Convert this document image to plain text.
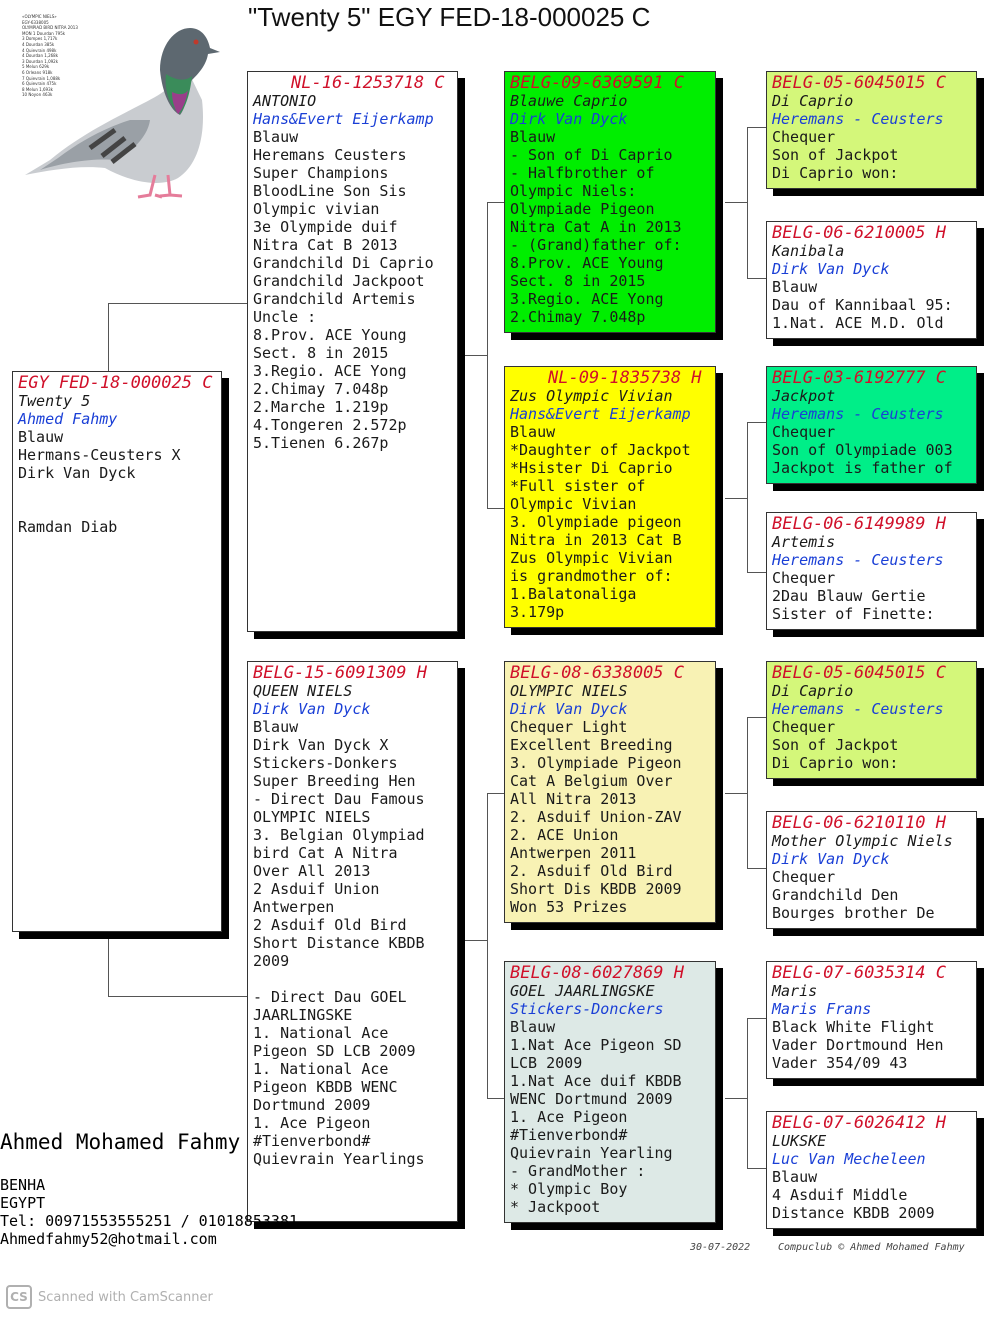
"Twenty 5" EGY FED-18-000025 C
«OLYMPIC NIELS»
EGY-6338005
OLYMPIAD BIRD NITRA 2013
MON 1 Dourdan 795k
3 Dompes 1,717k
4 Dourdan 385k
4 Quievrain 498k
4 Dourdan 1,268k
3 Dourdan 1,092k
5 Melun 629k
6 Orleans 918k
7 Quievrain 1,088k
6 Quievrain 475k
8 Melun 1,693k
10 Noyon 463k
EGY FED-18-000025 C
Twenty 5
Ahmed Fahmy
Blauw
Hermans-Ceusters X
Dirk Van Dyck
Ramdan Diab
NL-16-1253718 C
ANTONIO
Hans&Evert Eijerkamp
Blauw
Heremans Ceusters
Super Champions
BloodLine Son Sis
Olympic vivian
3e Olympide duif
Nitra Cat B 2013
Grandchild Di Caprio
Grandchild Jackpoot
Grandchild Artemis
Uncle :
8.Prov. ACE Young
Sect. 8 in 2015
3.Regio. ACE Yong
2.Chimay 7.048p
2.Marche 1.219p
4.Tongeren 2.572p
5.Tienen 6.267p
BELG-15-6091309 H
QUEEN NIELS
Dirk Van Dyck
Blauw
Dirk Van Dyck X
Stickers-Donkers
Super Breeding Hen
- Direct Dau Famous
OLYMPIC NIELS
3. Belgian Olympiad
bird Cat A Nitra
Over All 2013
2 Asduif Union
Antwerpen
2 Asduif Old Bird
Short Distance KBDB
2009
- Direct Dau GOEL
JAARLINGSKE
1. National Ace
Pigeon SD LCB 2009
1. National Ace
Pigeon KBDB WENC
Dortmund 2009
1. Ace Pigeon
#Tienverbond#
Quievrain Yearlings
BELG-09-6369591 C
Blauwe Caprio
Dirk Van Dyck
Blauw
- Son of Di Caprio
- Halfbrother of
Olympic Niels:
Olympiade Pigeon
Nitra Cat A in 2013
- (Grand)father of:
8.Prov. ACE Young
Sect. 8 in 2015
3.Regio. ACE Yong
2.Chimay 7.048p
NL-09-1835738 H
Zus Olympic Vivian
Hans&Evert Eijerkamp
Blauw
*Daughter of Jackpot
*Hsister Di Caprio
*Full sister of
Olympic Vivian
3. Olympiade pigeon
Nitra in 2013 Cat B
Zus Olympic Vivian
is grandmother of:
1.Balatonaliga
3.179p
BELG-08-6338005 C
OLYMPIC NIELS
Dirk Van Dyck
Chequer Light
Excellent Breeding
3. Olympiade Pigeon
Cat A Belgium Over
All Nitra 2013
2. Asduif Union-ZAV
2. ACE Union
Antwerpen 2011
2. Asduif Old Bird
Short Dis KBDB 2009
Won 53 Prizes
BELG-08-6027869 H
GOEL JAARLINGSKE
Stickers-Donckers
Blauw
1.Nat Ace Pigeon SD
LCB 2009
1.Nat Ace duif KBDB
WENC Dortmund 2009
1. Ace Pigeon
#Tienverbond#
Quievrain Yearling
- GrandMother :
* Olympic Boy
* Jackpoot
BELG-05-6045015 C
Di Caprio
Heremans - Ceusters
Chequer
Son of Jackpot
Di Caprio won:
BELG-06-6210005 H
Kanibala
Dirk Van Dyck
Blauw
Dau of Kannibaal 95:
1.Nat. ACE M.D. Old
BELG-03-6192777 C
Jackpot
Heremans - Ceusters
Chequer
Son of Olympiade 003
Jackpot is father of
BELG-06-6149989 H
Artemis
Heremans - Ceusters
Chequer
2Dau Blauw Gertie
Sister of Finette:
BELG-05-6045015 C
Di Caprio
Heremans - Ceusters
Chequer
Son of Jackpot
Di Caprio won:
BELG-06-6210110 H
Mother Olympic Niels
Dirk Van Dyck
Chequer
Grandchild Den
Bourges brother De
BELG-07-6035314 C
Maris
Maris Frans
Black White Flight
Vader Dortmound Hen
Vader 354/09 43
BELG-07-6026412 H
LUKSKE
Luc Van Mecheleen
Blauw
4 Asduif Middle
Distance KBDB 2009
Ahmed Mohamed Fahmy
BENHA
EGYPT
Tel: 00971553555251 / 01018853381
Ahmedfahmy52@hotmail.com	30-07-2022	Compuclub © Ahmed Mohamed Fahmy
CS Scanned with CamScanner
